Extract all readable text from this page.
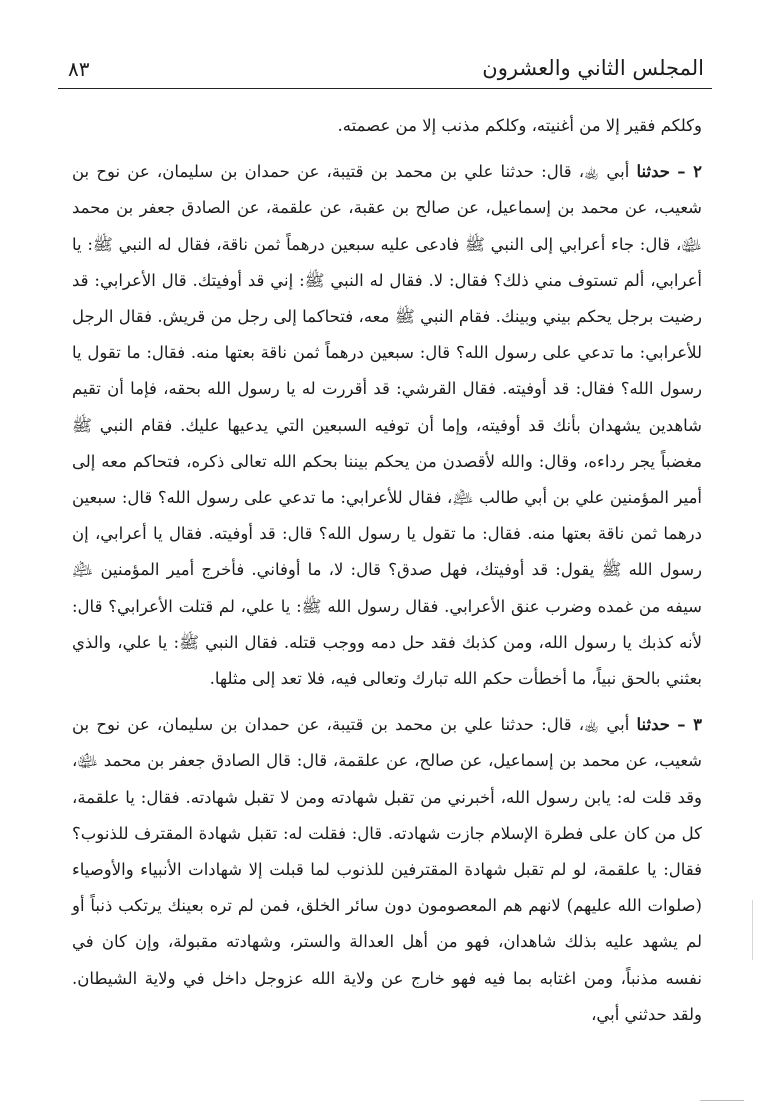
المجلس الثاني والعشرون
٨٣

وكلكم فقير إلا من أغنيته، وكلكم مذنب إلا من عصمته.

٢ – حدثنا أبي ﵀، قال: حدثنا علي بن محمد بن قتيبة، عن حمدان بن سليمان، عن نوح بن شعيب، عن محمد بن إسماعيل، عن صالح بن عقبة، عن علقمة، عن الصادق جعفر بن محمد ﵉، قال: جاء أعرابي إلى النبي ﷺ فادعى عليه سبعين درهماً ثمن ناقة، فقال له النبي ﷺ: يا أعرابي، ألم تستوف مني ذلك؟ فقال: لا. فقال له النبي ﷺ: إني قد أوفيتك. قال الأعرابي: قد رضيت برجل يحكم بيني وبينك. فقام النبي ﷺ معه، فتحاكما إلى رجل من قريش. فقال الرجل للأعرابي: ما تدعي على رسول الله؟ قال: سبعين درهماً ثمن ناقة بعتها منه. فقال: ما تقول يا رسول الله؟ فقال: قد أوفيته. فقال القرشي: قد أقررت له يا رسول الله بحقه، فإما أن تقيم شاهدين يشهدان بأنك قد أوفيته، وإما أن توفيه السبعين التي يدعيها عليك. فقام النبي ﷺ مغضباً يجر رداءه، وقال: والله لأقصدن من يحكم بيننا بحكم الله تعالى ذكره، فتحاكم معه إلى أمير المؤمنين علي بن أبي طالب ﵇، فقال للأعرابي: ما تدعي على رسول الله؟ قال: سبعين درهما ثمن ناقة بعتها منه. فقال: ما تقول يا رسول الله؟ قال: قد أوفيته. فقال يا أعرابي، إن رسول الله ﷺ يقول: قد أوفيتك، فهل صدق؟ قال: لا، ما أوفاني. فأخرج أمير المؤمنين ﵇ سيفه من غمده وضرب عنق الأعرابي. فقال رسول الله ﷺ: يا علي، لم قتلت الأعرابي؟ قال: لأنه كذبك يا رسول الله، ومن كذبك فقد حل دمه ووجب قتله. فقال النبي ﷺ: يا علي، والذي بعثني بالحق نبياً، ما أخطأت حكم الله تبارك وتعالى فيه، فلا تعد إلى مثلها.

٣ – حدثنا أبي ﵀، قال: حدثنا علي بن محمد بن قتيبة، عن حمدان بن سليمان، عن نوح بن شعيب، عن محمد بن إسماعيل، عن صالح، عن علقمة، قال: قال الصادق جعفر بن محمد ﵉، وقد قلت له: يابن رسول الله، أخبرني من تقبل شهادته ومن لا تقبل شهادته. فقال: يا علقمة، كل من كان على فطرة الإسلام جازت شهادته. قال: فقلت له: تقبل شهادة المقترف للذنوب؟ فقال: يا علقمة، لو لم تقبل شهادة المقترفين للذنوب لما قبلت إلا شهادات الأنبياء والأوصياء (صلوات الله عليهم) لانهم هم المعصومون دون سائر الخلق، فمن لم تره بعينك يرتكب ذنباً أو لم يشهد عليه بذلك شاهدان، فهو من أهل العدالة والستر، وشهادته مقبولة، وإن كان في نفسه مذنباً، ومن اغتابه بما فيه فهو خارج عن ولاية الله عزوجل داخل في ولاية الشيطان. ولقد حدثني أبي،
